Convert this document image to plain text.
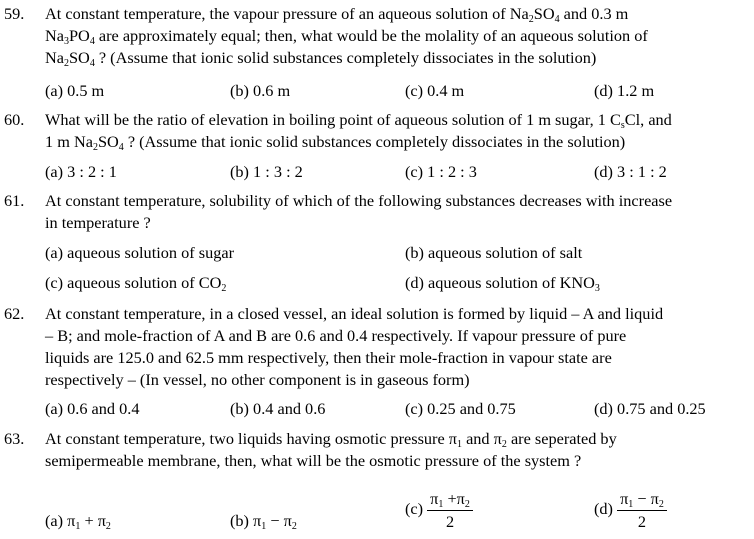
59. At constant temperature, the vapour pressure of an aqueous solution of $Na_2SO_4$ and 0.3 m
$Na_3PO_4$ are approximately equal; then, what would be the molality of an aqueous solution of
$Na_2SO_4$ ? (Assume that ionic solid substances completely dissociates in the solution)
(a) 0.5 m	(b) 0.6 m	(c) 0.4 m	(d) 1.2 m
60. What will be the ratio of elevation in boiling point of aqueous solution of 1 m sugar, 1 $C_sCl$, and
1 m $Na_2SO_4$ ? (Assume that ionic solid substances completely dissociates in the solution)
(a) 3 : 2 : 1	(b) 1 : 3 : 2	(c) 1 : 2 : 3	(d) 3 : 1 : 2
61. At constant temperature, solubility of which of the following substances decreases with increase
in temperature ?
(a) aqueous solution of sugar	(b) aqueous solution of salt
(c) aqueous solution of $CO_2$	(d) aqueous solution of $KNO_3$
62. At constant temperature, in a closed vessel, an ideal solution is formed by liquid – A and liquid
– B; and mole-fraction of A and B are 0.6 and 0.4 respectively. If vapour pressure of pure
liquids are 125.0 and 62.5 mm respectively, then their mole-fraction in vapour state are
respectively – (In vessel, no other component is in gaseous form)
(a) 0.6 and 0.4	(b) 0.4 and 0.6	(c) 0.25 and 0.75	(d) 0.75 and 0.25
63. At constant temperature, two liquids having osmotic pressure $\pi_1$ and $\pi_2$ are seperated by
semipermeable membrane, then, what will be the osmotic pressure of the system ?
(a) $\pi_1 + \pi_2$	(b) $\pi_1 - \pi_2$
$(c) \frac{\pi_1 +\pi_2}{2}$	$(d) \frac{\pi_1 - \pi_2}{2}$
